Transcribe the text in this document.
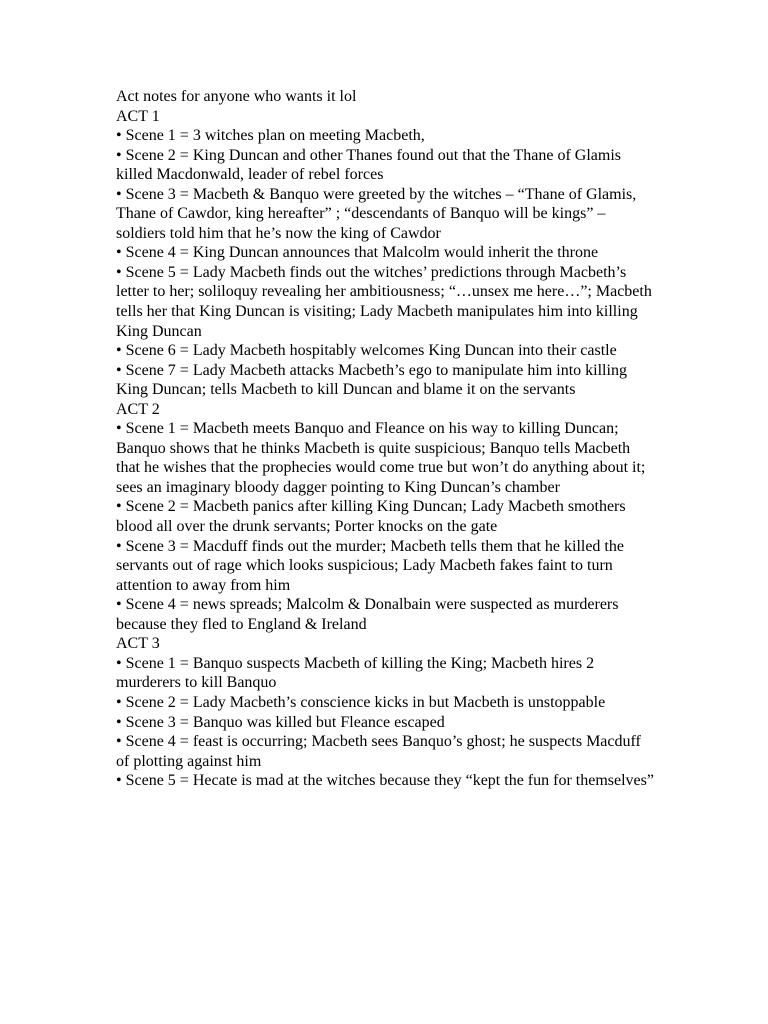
Act notes for anyone who wants it lol

ACT 1

• Scene 1 = 3 witches plan on meeting Macbeth,

• Scene 2 = King Duncan and other Thanes found out that the Thane of Glamis killed Macdonwald, leader of rebel forces

• Scene 3 = Macbeth & Banquo were greeted by the witches – “Thane of Glamis, Thane of Cawdor, king hereafter” ; “descendants of Banquo will be kings” – soldiers told him that he’s now the king of Cawdor

• Scene 4 = King Duncan announces that Malcolm would inherit the throne

• Scene 5 = Lady Macbeth finds out the witches’ predictions through Macbeth’s letter to her; soliloquy revealing her ambitiousness; “…unsex me here…”; Macbeth tells her that King Duncan is visiting; Lady Macbeth manipulates him into killing King Duncan

• Scene 6 = Lady Macbeth hospitably welcomes King Duncan into their castle

• Scene 7 = Lady Macbeth attacks Macbeth’s ego to manipulate him into killing King Duncan; tells Macbeth to kill Duncan and blame it on the servants

ACT 2

• Scene 1 = Macbeth meets Banquo and Fleance on his way to killing Duncan; Banquo shows that he thinks Macbeth is quite suspicious; Banquo tells Macbeth that he wishes that the prophecies would come true but won’t do anything about it; sees an imaginary bloody dagger pointing to King Duncan’s chamber

• Scene 2 = Macbeth panics after killing King Duncan; Lady Macbeth smothers blood all over the drunk servants; Porter knocks on the gate

• Scene 3 = Macduff finds out the murder; Macbeth tells them that he killed the servants out of rage which looks suspicious; Lady Macbeth fakes faint to turn attention to away from him

• Scene 4 = news spreads; Malcolm & Donalbain were suspected as murderers because they fled to England & Ireland

ACT 3

• Scene 1 = Banquo suspects Macbeth of killing the King; Macbeth hires 2 murderers to kill Banquo

• Scene 2 = Lady Macbeth’s conscience kicks in but Macbeth is unstoppable

• Scene 3 = Banquo was killed but Fleance escaped

• Scene 4 = feast is occurring; Macbeth sees Banquo’s ghost; he suspects Macduff of plotting against him

• Scene 5 = Hecate is mad at the witches because they “kept the fun for themselves”
